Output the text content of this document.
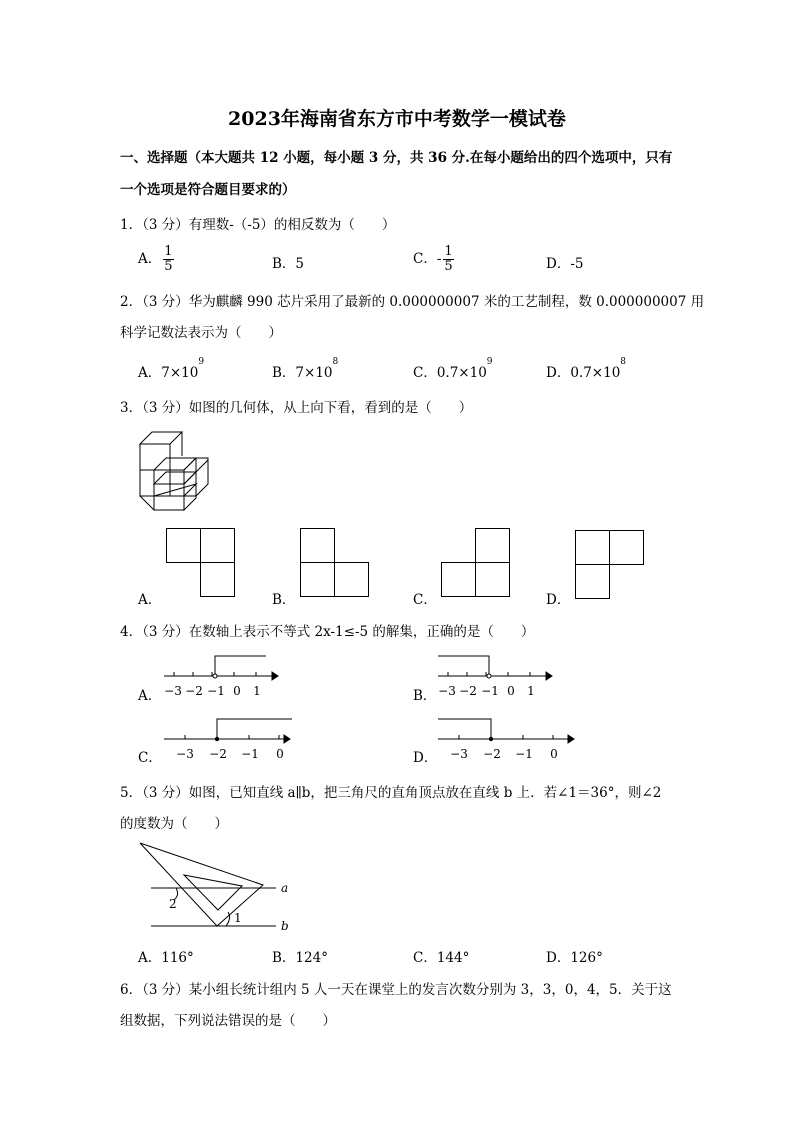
2023年海南省东方市中考数学一模试卷
一、选择题（本大题共 12 小题，每小题 3 分，共 36 分.在每小题给出的四个选项中，只有
一个选项是符合题目要求的）
1．（3 分）有理数-（-5）的相反数为（　　）
A． $\frac{1}{5}$	B．5	C．- $\frac{1}{5}$	D．-5
2．（3 分）华为麒麟 990 芯片采用了最新的 0.000000007 米的工艺制程，数 0.000000007 用
科学记数法表示为（　　）
A．$7\times 10^9$
B．$7\times 10^8$
C．$0.7\times 10^9$
D．$0.7\times 10^8$
3．（3 分）如图的几何体，从上向下看，看到的是（　　）
A．	B．	C．	D．
4．（3 分）在数轴上表示不等式 2x-1≤-5 的解集，正确的是（　　）
A． −3 −2 −1 0 1	B． −3 −2 −1 0 1
C． −3 −2 −1 0	D． −3 −2 −1 0
5．（3 分）如图，已知直线 a∥b，把三角尺的直角顶点放在直线 b 上．若∠1＝36°，则∠2
的度数为（　　）
a
b
1
2
A．116°	B．124°	C．144°	D．126°
6．（3 分）某小组长统计组内 5 人一天在课堂上的发言次数分别为 3，3，0，4，5．关于这
组数据，下列说法错误的是（　　）
